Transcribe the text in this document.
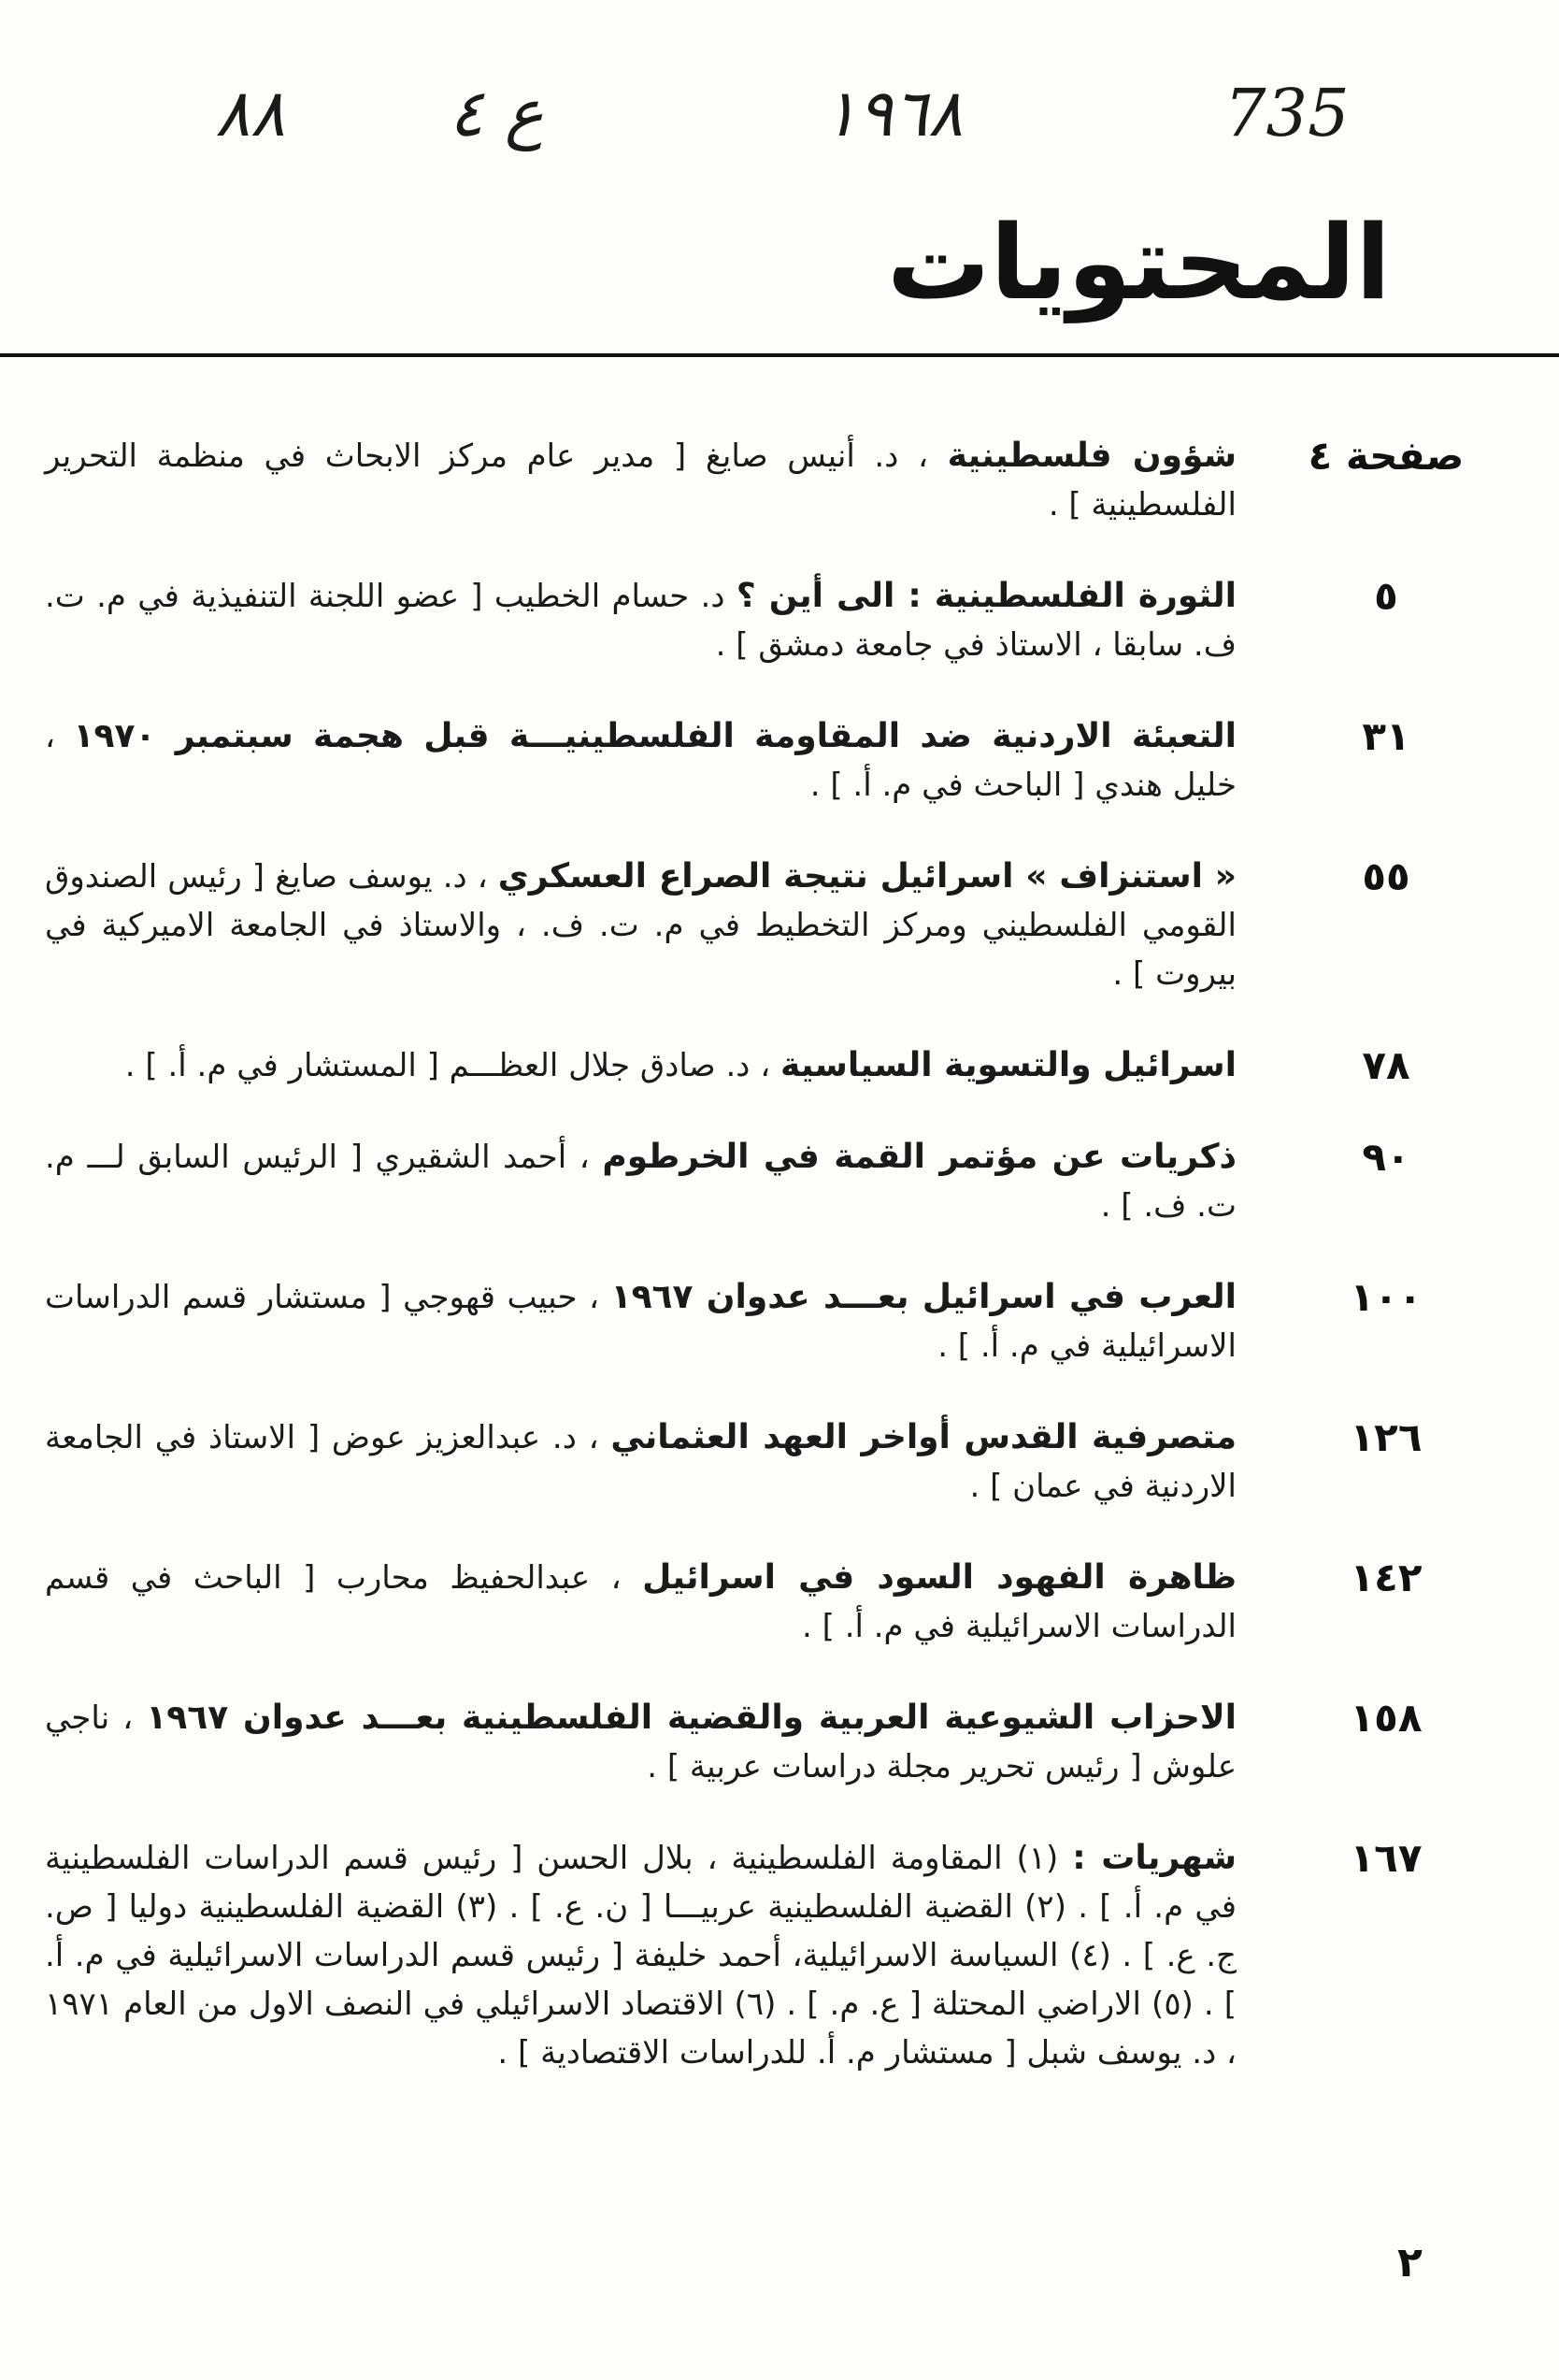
735
١٩٦٨
ع ٤
٨٨
المحتويات
صفحة ٤
شؤون فلسطينية ، د. أنيس صايغ [ مدير عام مركز الابحاث في منظمة التحرير الفلسطينية ] .
٥
الثورة الفلسطينية : الى أين ؟ د. حسام الخطيب [ عضو اللجنة التنفيذية في م. ت. ف. سابقا ، الاستاذ في جامعة دمشق ] .
٣١
التعبئة الاردنية ضد المقاومة الفلسطينيـــة قبل هجمة سبتمبر ١٩٧٠ ، خليل هندي [ الباحث في م. أ. ] .
٥٥
« استنزاف » اسرائيل نتيجة الصراع العسكري ، د. يوسف صايغ [ رئيس الصندوق القومي الفلسطيني ومركز التخطيط في م. ت. ف. ، والاستاذ في الجامعة الاميركية في بيروت ] .
٧٨
اسرائيل والتسوية السياسية ، د. صادق جلال العظـــم [ المستشار في م. أ. ] .
٩٠
ذكريات عن مؤتمر القمة في الخرطوم ، أحمد الشقيري [ الرئيس السابق لـــ م. ت. ف. ] .
١٠٠
العرب في اسرائيل بعـــد عدوان ١٩٦٧ ، حبيب قهوجي [ مستشار قسم الدراسات الاسرائيلية في م. أ. ] .
١٢٦
متصرفية القدس أواخر العهد العثماني ، د. عبدالعزيز عوض [ الاستاذ في الجامعة الاردنية في عمان ] .
١٤٢
ظاهرة الفهود السود في اسرائيل ، عبدالحفيظ محارب [ الباحث في قسم الدراسات الاسرائيلية في م. أ. ] .
١٥٨
الاحزاب الشيوعية العربية والقضية الفلسطينية بعـــد عدوان ١٩٦٧ ، ناجي علوش [ رئيس تحرير مجلة دراسات عربية ] .
١٦٧
شهريات : (١) المقاومة الفلسطينية ، بلال الحسن [ رئيس قسم الدراسات الفلسطينية في م. أ. ] . (٢) القضية الفلسطينية عربيـــا [ ن. ع. ] . (٣) القضية الفلسطينية دوليا [ ص. ج. ع. ] . (٤) السياسة الاسرائيلية، أحمد خليفة [ رئيس قسم الدراسات الاسرائيلية في م. أ. ] . (٥) الاراضي المحتلة [ ع. م. ] . (٦) الاقتصاد الاسرائيلي في النصف الاول من العام ١٩٧١ ، د. يوسف شبل [ مستشار م. أ. للدراسات الاقتصادية ] .
٢
